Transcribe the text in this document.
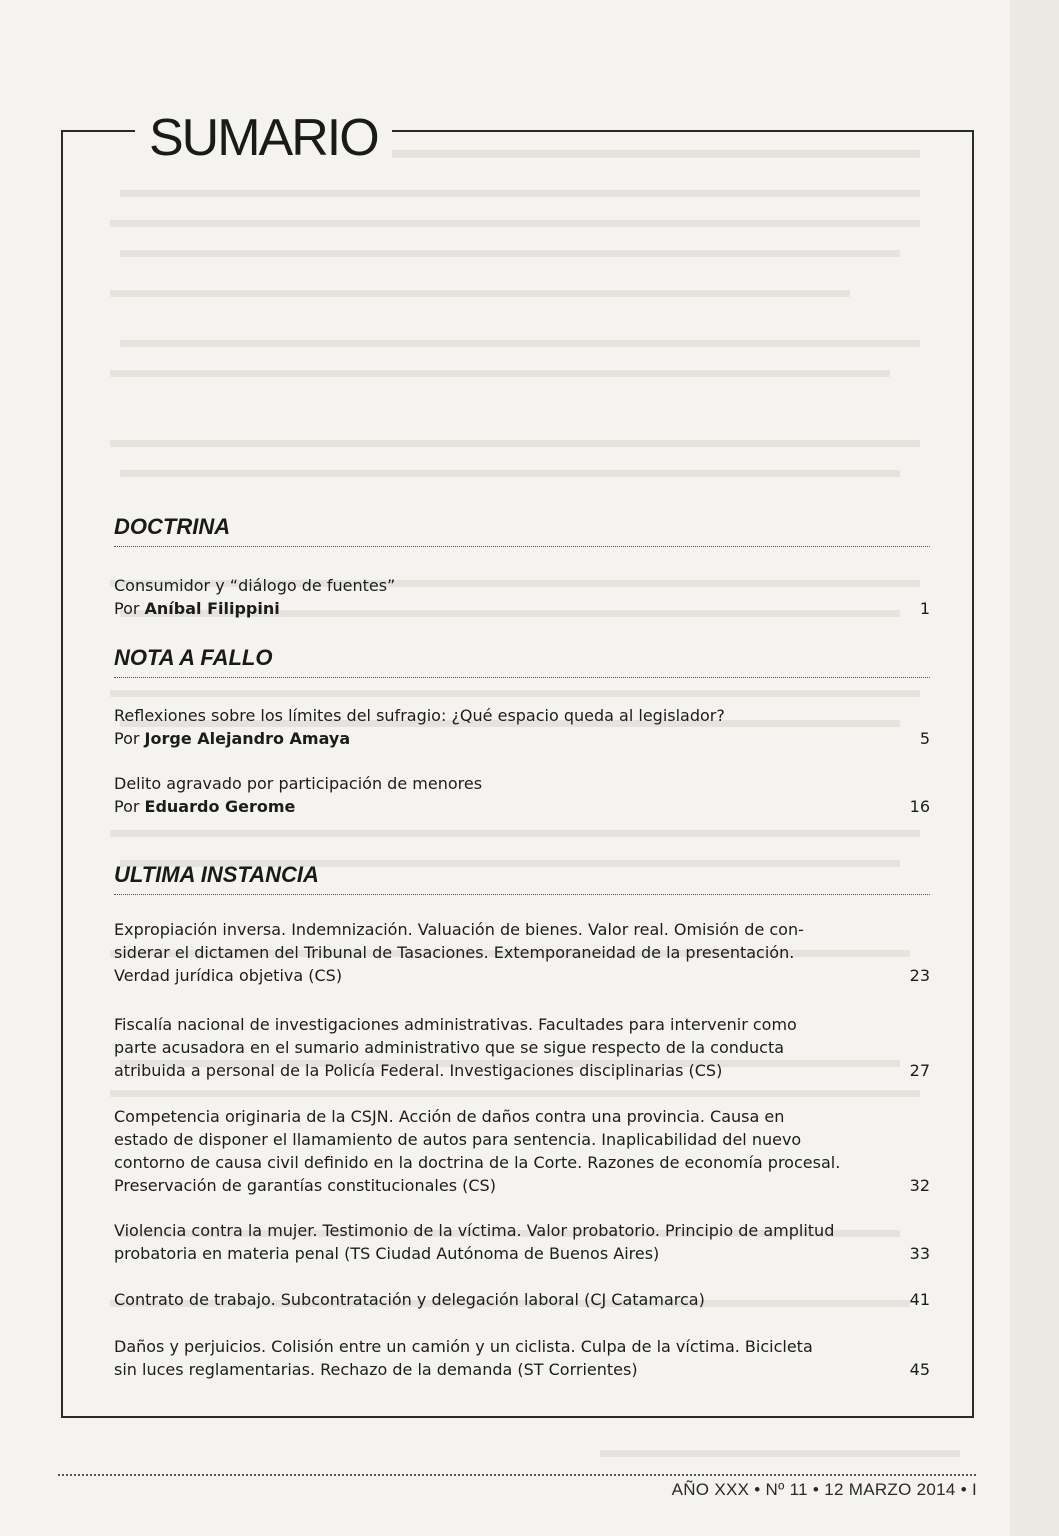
SUMARIO
DOCTRINA
Consumidor y “diálogo de fuentes”
Por Aníbal Filippini	1
NOTA A FALLO
Reflexiones sobre los límites del sufragio: ¿Qué espacio queda al legislador?
Por Jorge Alejandro Amaya	5
Delito agravado por participación de menores
Por Eduardo Gerome	16
ULTIMA INSTANCIA
Expropiación inversa. Indemnización. Valuación de bienes. Valor real. Omisión de con-
siderar el dictamen del Tribunal de Tasaciones. Extemporaneidad de la presentación.
Verdad jurídica objetiva (CS)	23
Fiscalía nacional de investigaciones administrativas. Facultades para intervenir como
parte acusadora en el sumario administrativo que se sigue respecto de la conducta
atribuida a personal de la Policía Federal. Investigaciones disciplinarias (CS)	27
Competencia originaria de la CSJN. Acción de daños contra una provincia. Causa en
estado de disponer el llamamiento de autos para sentencia. Inaplicabilidad del nuevo
contorno de causa civil definido en la doctrina de la Corte. Razones de economía procesal.
Preservación de garantías constitucionales (CS)	32
Violencia contra la mujer. Testimonio de la víctima. Valor probatorio. Principio de amplitud
probatoria en materia penal (TS Ciudad Autónoma de Buenos Aires)	33
Contrato de trabajo. Subcontratación y delegación laboral (CJ Catamarca)	41
Daños y perjuicios. Colisión entre un camión y un ciclista. Culpa de la víctima. Bicicleta
sin luces reglamentarias. Rechazo de la demanda (ST Corrientes)	45
AÑO XXX • Nº 11 • 12 MARZO 2014 • I
